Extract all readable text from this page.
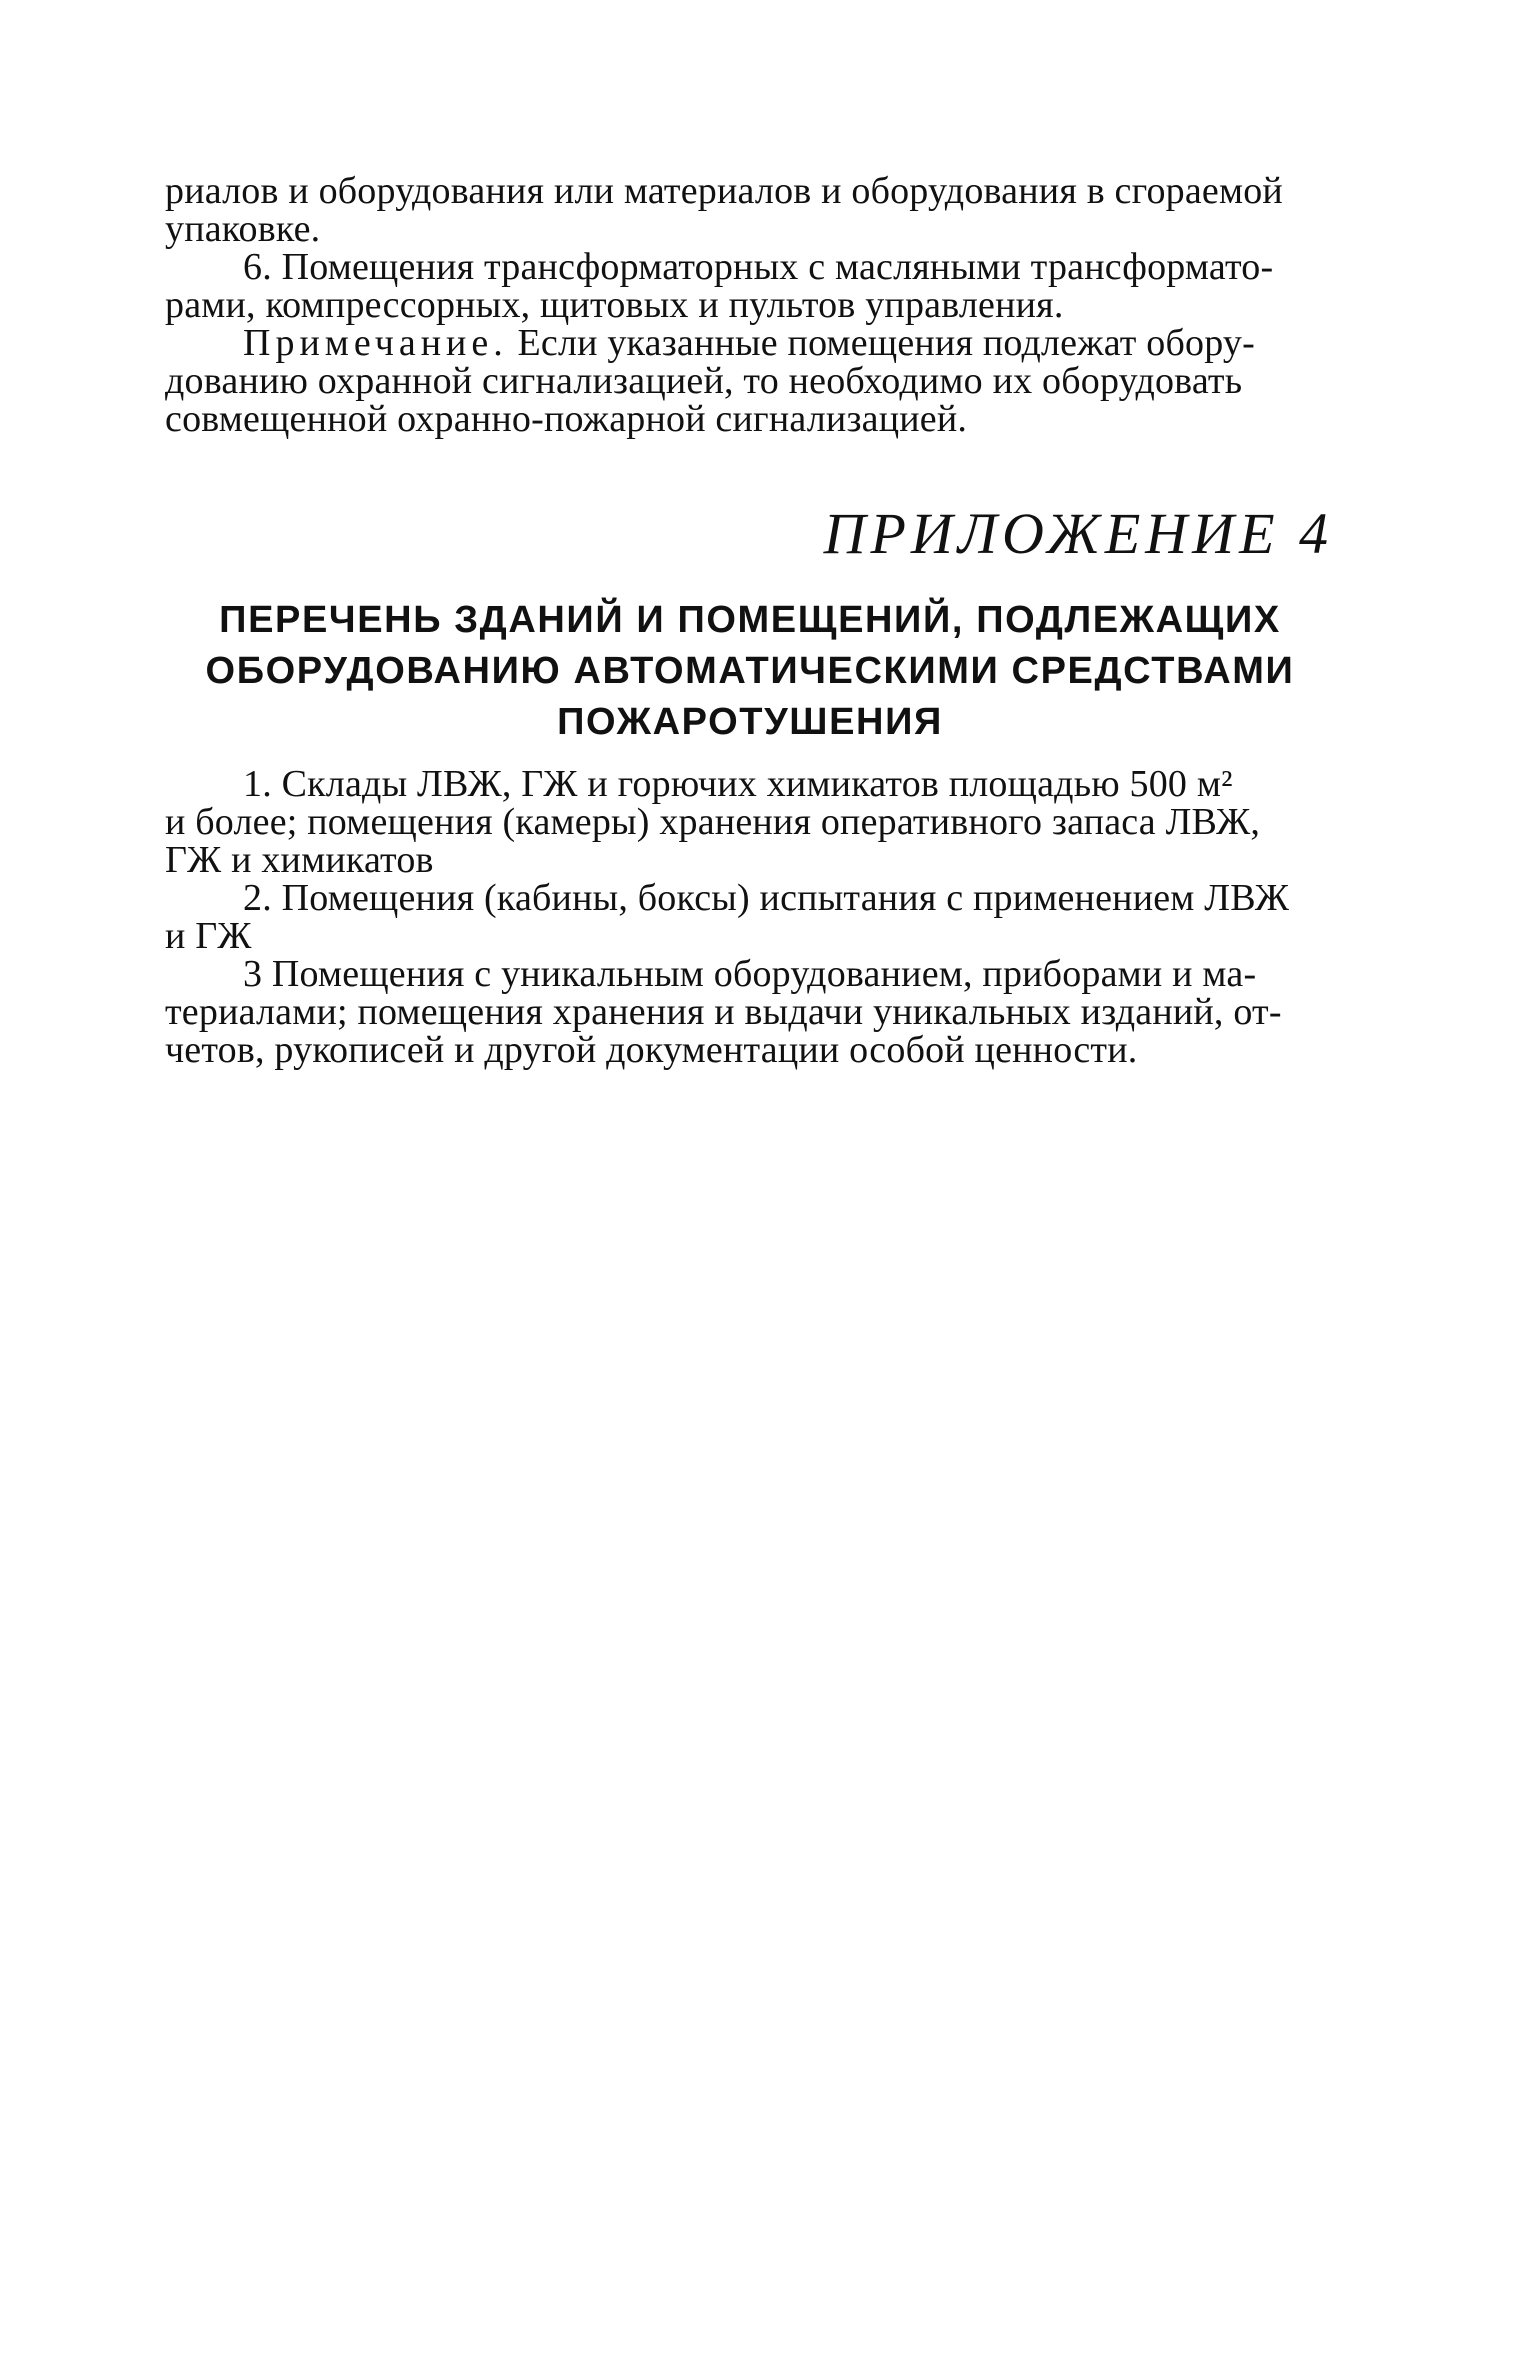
риалов и оборудования или материалов и оборудования в сгораемой
упаковке.

6. Помещения трансформаторных с масляными трансформато-
рами, компрессорных, щитовых и пультов управления.

Примечание. Если указанные помещения подлежат обору-
дованию охранной сигнализацией, то необходимо их оборудовать
совмещенной охранно-пожарной сигнализацией.

ПРИЛОЖЕНИЕ 4
ПЕРЕЧЕНЬ ЗДАНИЙ И ПОМЕЩЕНИЙ, ПОДЛЕЖАЩИХ
ОБОРУДОВАНИЮ АВТОМАТИЧЕСКИМИ СРЕДСТВАМИ
ПОЖАРОТУШЕНИЯ

1. Склады ЛВЖ, ГЖ и горючих химикатов площадью 500 м²
и более; помещения (камеры) хранения оперативного запаса ЛВЖ,
ГЖ и химикатов

2. Помещения (кабины, боксы) испытания с применением ЛВЖ
и ГЖ

3 Помещения с уникальным оборудованием, приборами и ма-
териалами; помещения хранения и выдачи уникальных изданий, от-
четов, рукописей и другой документации особой ценности.
